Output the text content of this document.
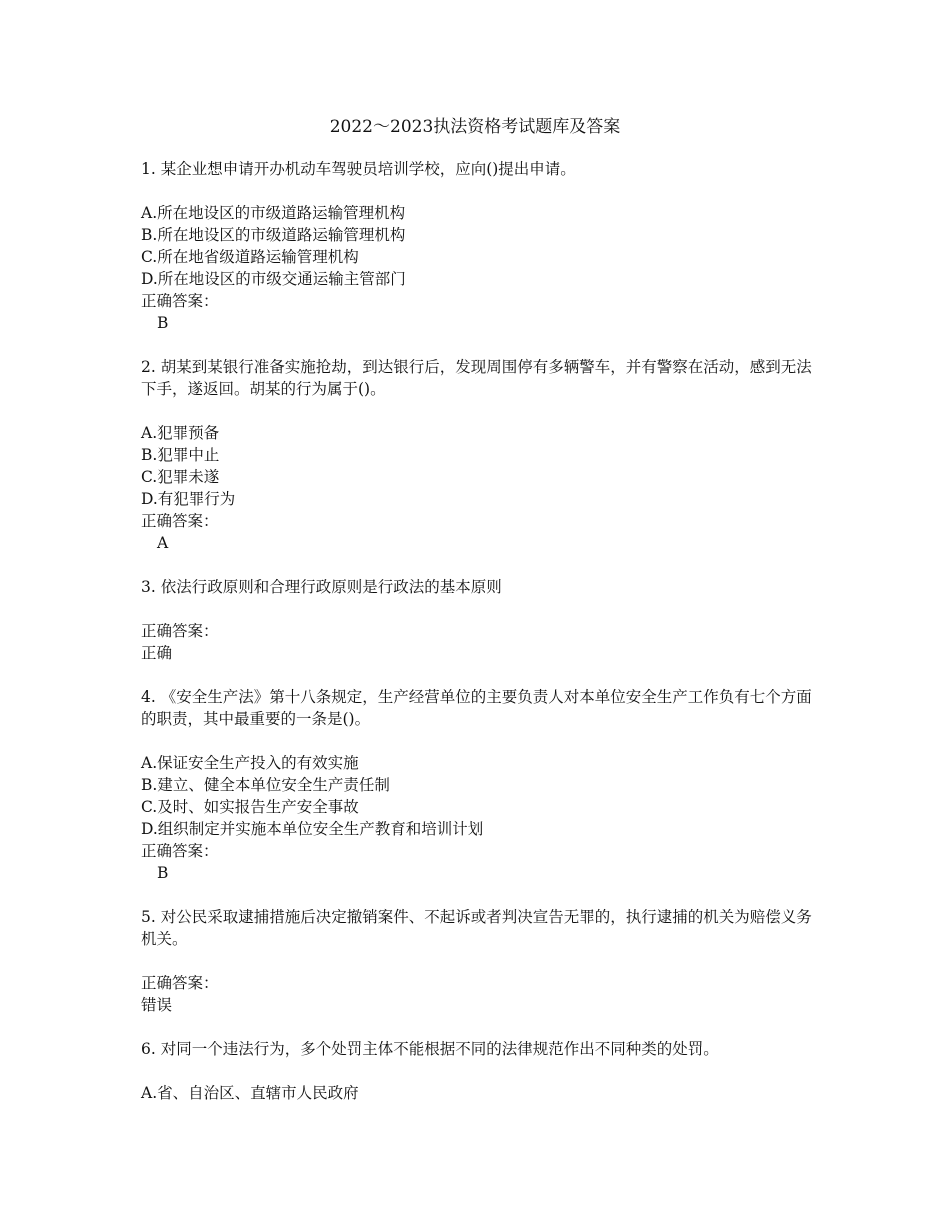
2022～2023执法资格考试题库及答案
1. 某企业想申请开办机动车驾驶员培训学校，应向()提出申请。
A.所在地设区的市级道路运输管理机构
B.所在地设区的市级道路运输管理机构
C.所在地省级道路运输管理机构
D.所在地设区的市级交通运输主管部门
正确答案：
B
2. 胡某到某银行准备实施抢劫，到达银行后，发现周围停有多辆警车，并有警察在活动，感到无法下手，遂返回。胡某的行为属于()。
A.犯罪预备
B.犯罪中止
C.犯罪未遂
D.有犯罪行为
正确答案：
A
3. 依法行政原则和合理行政原则是行政法的基本原则
正确答案：
正确
4. 《安全生产法》第十八条规定，生产经营单位的主要负责人对本单位安全生产工作负有七个方面的职责，其中最重要的一条是()。
A.保证安全生产投入的有效实施
B.建立、健全本单位安全生产责任制
C.及时、如实报告生产安全事故
D.组织制定并实施本单位安全生产教育和培训计划
正确答案：
B
5. 对公民采取逮捕措施后决定撤销案件、不起诉或者判决宣告无罪的，执行逮捕的机关为赔偿义务机关。
正确答案：
错误
6. 对同一个违法行为，多个处罚主体不能根据不同的法律规范作出不同种类的处罚。
A.省、自治区、直辖市人民政府
